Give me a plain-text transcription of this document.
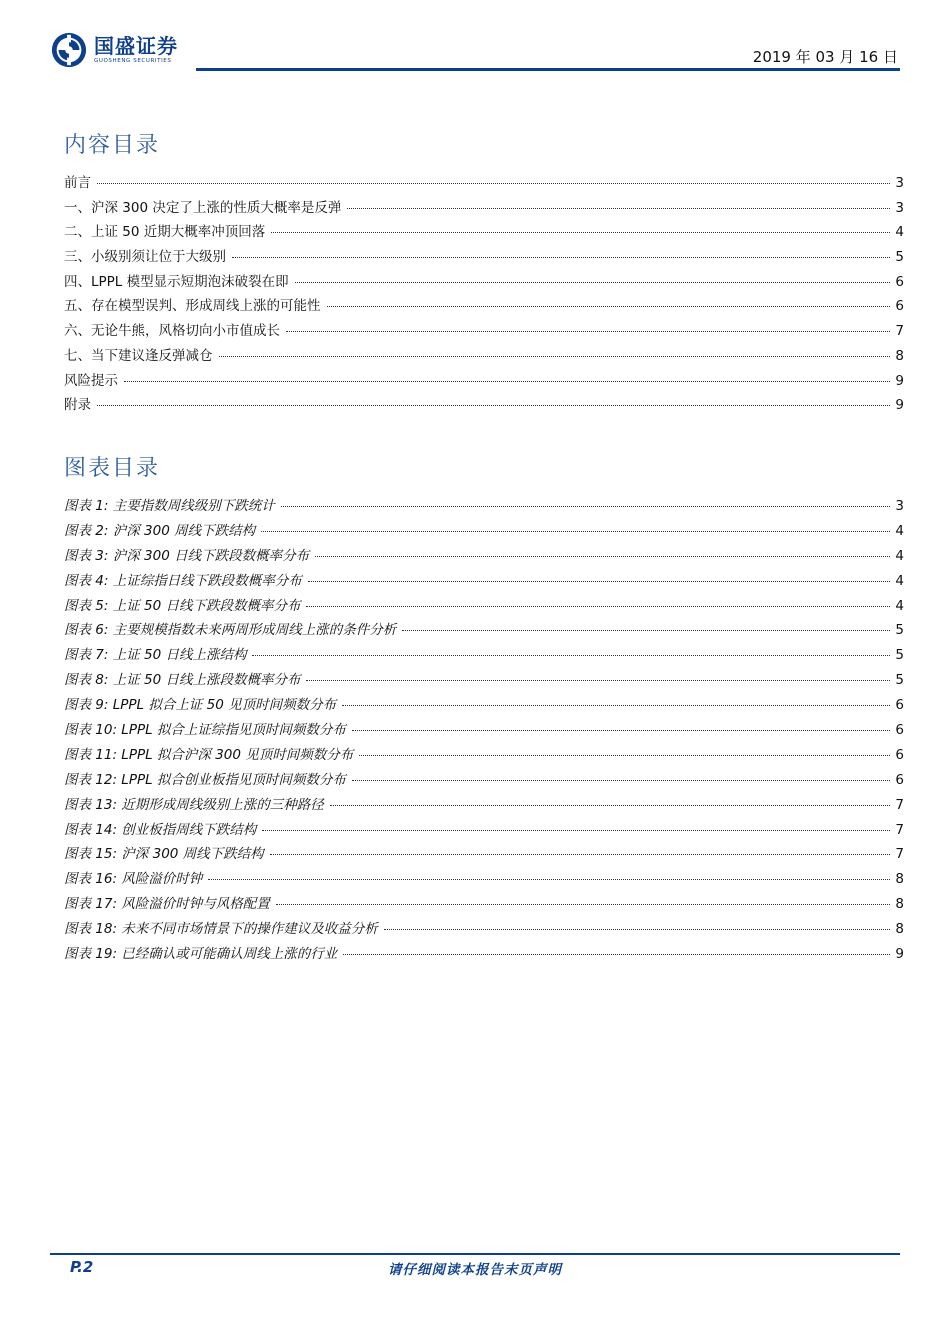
国盛证券
GUOSHENG SECURITIES	2019 年 03 月 16 日
内容目录
前言	3
一、沪深 300 决定了上涨的性质大概率是反弹	3
二、上证 50 近期大概率冲顶回落	4
三、小级别须让位于大级别	5
四、LPPL 模型显示短期泡沫破裂在即	6
五、存在模型误判、形成周线上涨的可能性	6
六、无论牛熊，风格切向小市值成长	7
七、当下建议逢反弹减仓	8
风险提示	9
附录	9
图表目录
图表 1: 主要指数周线级别下跌统计	3
图表 2: 沪深 300 周线下跌结构	4
图表 3: 沪深 300 日线下跌段数概率分布	4
图表 4: 上证综指日线下跌段数概率分布	4
图表 5: 上证 50 日线下跌段数概率分布	4
图表 6: 主要规模指数未来两周形成周线上涨的条件分析	5
图表 7: 上证 50 日线上涨结构	5
图表 8: 上证 50 日线上涨段数概率分布	5
图表 9: LPPL 拟合上证 50 见顶时间频数分布	6
图表 10: LPPL 拟合上证综指见顶时间频数分布	6
图表 11: LPPL 拟合沪深 300 见顶时间频数分布	6
图表 12: LPPL 拟合创业板指见顶时间频数分布	6
图表 13: 近期形成周线级别上涨的三种路径	7
图表 14: 创业板指周线下跌结构	7
图表 15: 沪深 300 周线下跌结构	7
图表 16: 风险溢价时钟	8
图表 17: 风险溢价时钟与风格配置	8
图表 18: 未来不同市场情景下的操作建议及收益分析	8
图表 19: 已经确认或可能确认周线上涨的行业	9
P.2	请仔细阅读本报告末页声明
